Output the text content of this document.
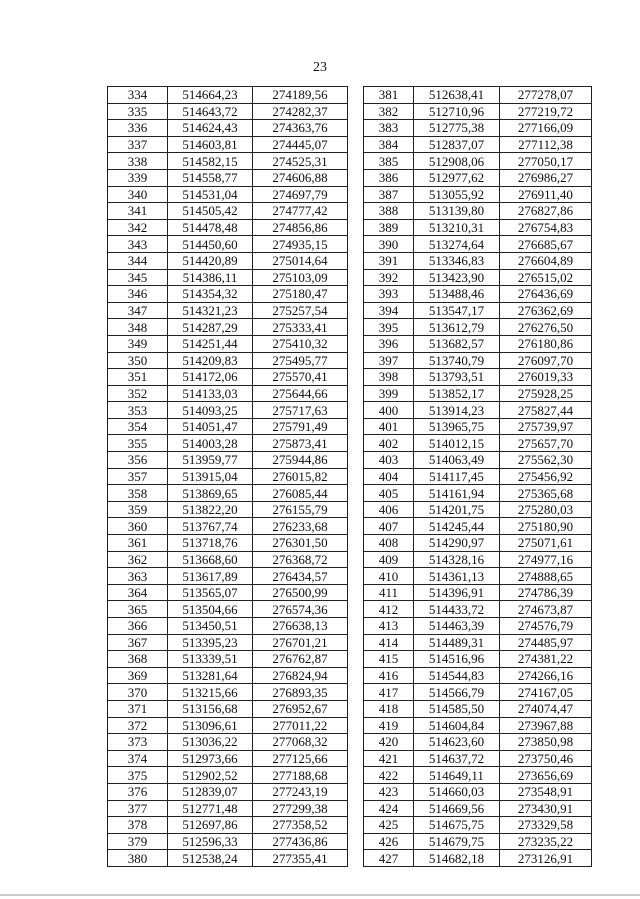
23
334	514664,23	274189,56
335	514643,72	274282,37
336	514624,43	274363,76
337	514603,81	274445,07
338	514582,15	274525,31
339	514558,77	274606,88
340	514531,04	274697,79
341	514505,42	274777,42
342	514478,48	274856,86
343	514450,60	274935,15
344	514420,89	275014,64
345	514386,11	275103,09
346	514354,32	275180,47
347	514321,23	275257,54
348	514287,29	275333,41
349	514251,44	275410,32
350	514209,83	275495,77
351	514172,06	275570,41
352	514133,03	275644,66
353	514093,25	275717,63
354	514051,47	275791,49
355	514003,28	275873,41
356	513959,77	275944,86
357	513915,04	276015,82
358	513869,65	276085,44
359	513822,20	276155,79
360	513767,74	276233,68
361	513718,76	276301,50
362	513668,60	276368,72
363	513617,89	276434,57
364	513565,07	276500,99
365	513504,66	276574,36
366	513450,51	276638,13
367	513395,23	276701,21
368	513339,51	276762,87
369	513281,64	276824,94
370	513215,66	276893,35
371	513156,68	276952,67
372	513096,61	277011,22
373	513036,22	277068,32
374	512973,66	277125,66
375	512902,52	277188,68
376	512839,07	277243,19
377	512771,48	277299,38
378	512697,86	277358,52
379	512596,33	277436,86
380	512538,24	277355,41
381	512638,41	277278,07
382	512710,96	277219,72
383	512775,38	277166,09
384	512837,07	277112,38
385	512908,06	277050,17
386	512977,62	276986,27
387	513055,92	276911,40
388	513139,80	276827,86
389	513210,31	276754,83
390	513274,64	276685,67
391	513346,83	276604,89
392	513423,90	276515,02
393	513488,46	276436,69
394	513547,17	276362,69
395	513612,79	276276,50
396	513682,57	276180,86
397	513740,79	276097,70
398	513793,51	276019,33
399	513852,17	275928,25
400	513914,23	275827,44
401	513965,75	275739,97
402	514012,15	275657,70
403	514063,49	275562,30
404	514117,45	275456,92
405	514161,94	275365,68
406	514201,75	275280,03
407	514245,44	275180,90
408	514290,97	275071,61
409	514328,16	274977,16
410	514361,13	274888,65
411	514396,91	274786,39
412	514433,72	274673,87
413	514463,39	274576,79
414	514489,31	274485,97
415	514516,96	274381,22
416	514544,83	274266,16
417	514566,79	274167,05
418	514585,50	274074,47
419	514604,84	273967,88
420	514623,60	273850,98
421	514637,72	273750,46
422	514649,11	273656,69
423	514660,03	273548,91
424	514669,56	273430,91
425	514675,75	273329,58
426	514679,75	273235,22
427	514682,18	273126,91
